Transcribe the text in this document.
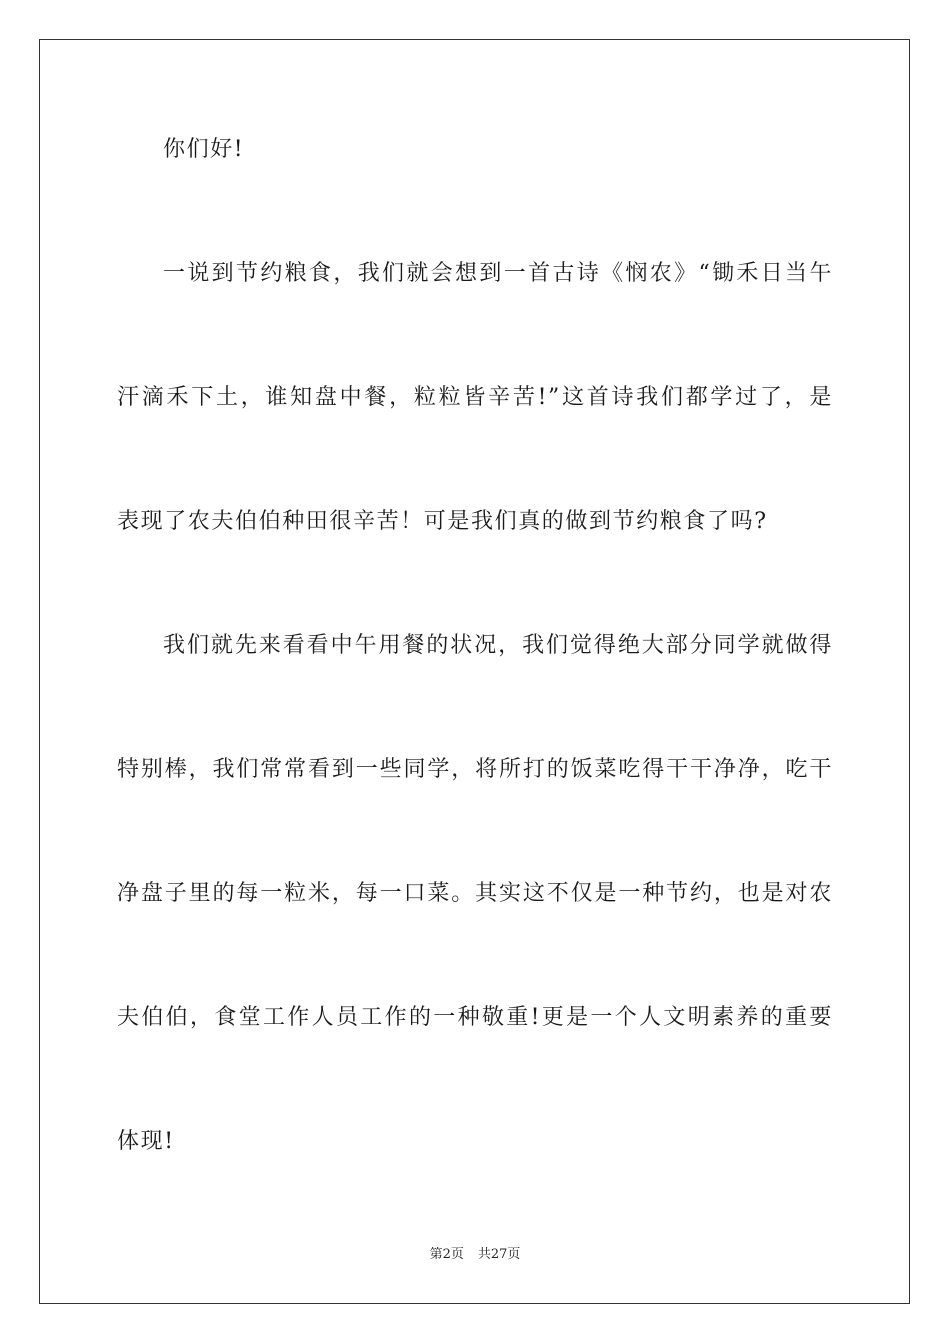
你们好!
一说到节约粮食，我们就会想到一首古诗《悯农》“锄禾日当午
汗滴禾下土，谁知盘中餐，粒粒皆辛苦!”这首诗我们都学过了，是
表现了农夫伯伯种田很辛苦！可是我们真的做到节约粮食了吗?
我们就先来看看中午用餐的状况，我们觉得绝大部分同学就做得
特别棒，我们常常看到一些同学，将所打的饭菜吃得干干净净，吃干
净盘子里的每一粒米，每一口菜。其实这不仅是一种节约，也是对农
夫伯伯，食堂工作人员工作的一种敬重!更是一个人文明素养的重要
体现!
第2页 共27页
